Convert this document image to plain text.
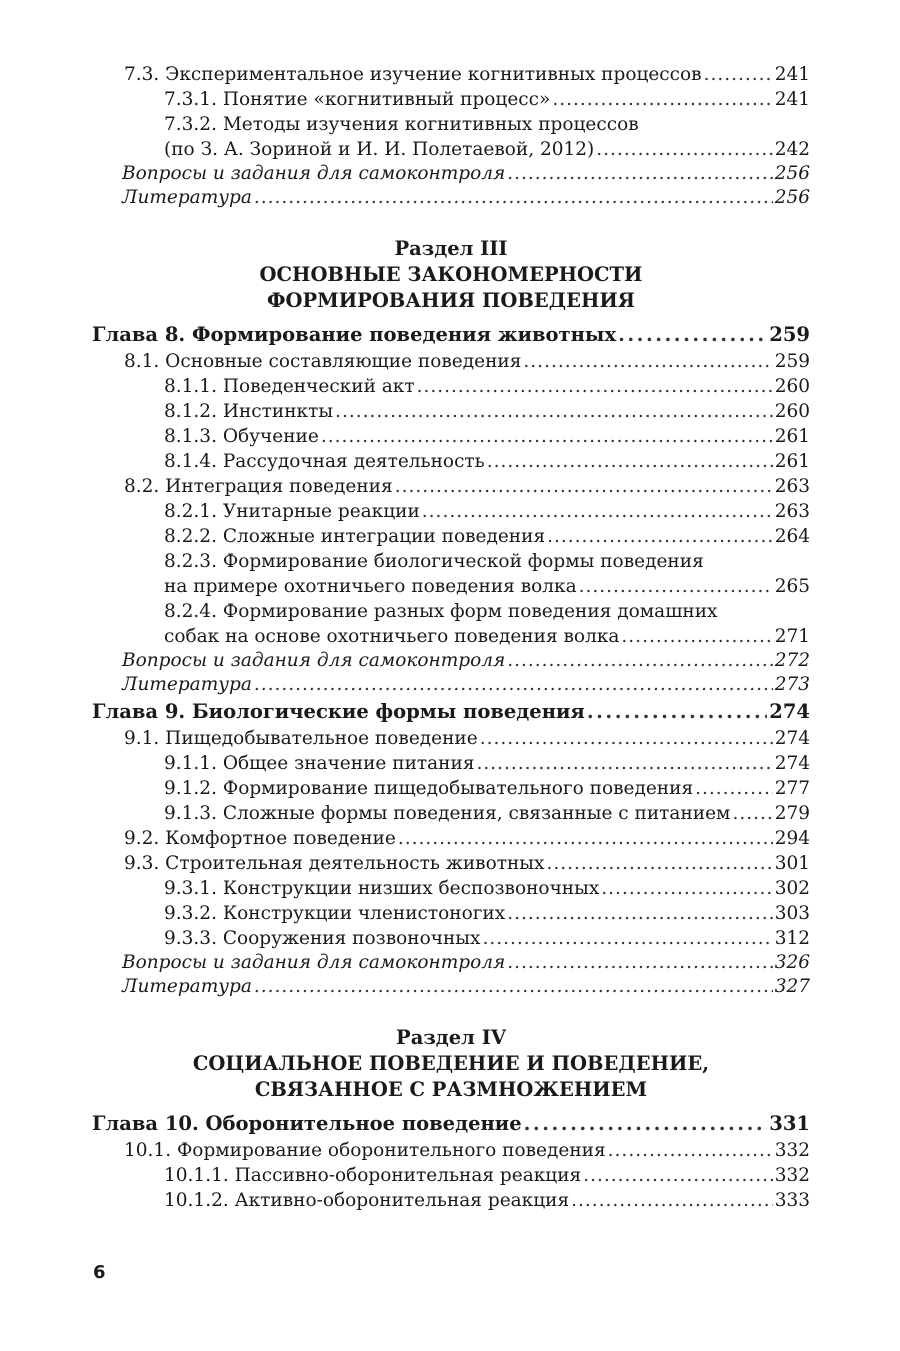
7.3. Экспериментальное изучение когнитивных процессов .....	241
7.3.1. Понятие «когнитивный процесс» .....	241
7.3.2. Методы изучения когнитивных процессов
(по З. А. Зориной и И. И. Полетаевой, 2012) .....	242
Вопросы и задания для самоконтроля .....	256
Литература .....	256
Раздел III
ОСНОВНЫЕ ЗАКОНОМЕРНОСТИ
ФОРМИРОВАНИЯ ПОВЕДЕНИЯ
Глава 8. Формирование поведения животных .....	259
8.1. Основные составляющие поведения .....	259
8.1.1. Поведенческий акт .....	260
8.1.2. Инстинкты .....	260
8.1.3. Обучение .....	261
8.1.4. Рассудочная деятельность .....	261
8.2. Интеграция поведения .....	263
8.2.1. Унитарные реакции .....	263
8.2.2. Сложные интеграции поведения .....	264
8.2.3. Формирование биологической формы поведения
на примере охотничьего поведения волка .....	265
8.2.4. Формирование разных форм поведения домашних
собак на основе охотничьего поведения волка .....	271
Вопросы и задания для самоконтроля .....	272
Литература .....	273
Глава 9. Биологические формы поведения .....	274
9.1. Пищедобывательное поведение .....	274
9.1.1. Общее значение питания .....	274
9.1.2. Формирование пищедобывательного поведения .....	277
9.1.3. Сложные формы поведения, связанные с питанием ..... 279
9.2. Комфортное поведение .....	294
9.3. Строительная деятельность животных .....	301
9.3.1. Конструкции низших беспозвоночных .....	302
9.3.2. Конструкции членистоногих .....	303
9.3.3. Сооружения позвоночных .....	312
Вопросы и задания для самоконтроля .....	326
Литература .....	327
Раздел IV
СОЦИАЛЬНОЕ ПОВЕДЕНИЕ И ПОВЕДЕНИЕ,
СВЯЗАННОЕ С РАЗМНОЖЕНИЕМ
Глава 10. Оборонительное поведение .....	331
10.1. Формирование оборонительного поведения .....	332
10.1.1. Пассивно-оборонительная реакция .....	332
10.1.2. Активно-оборонительная реакция .....	333
6
